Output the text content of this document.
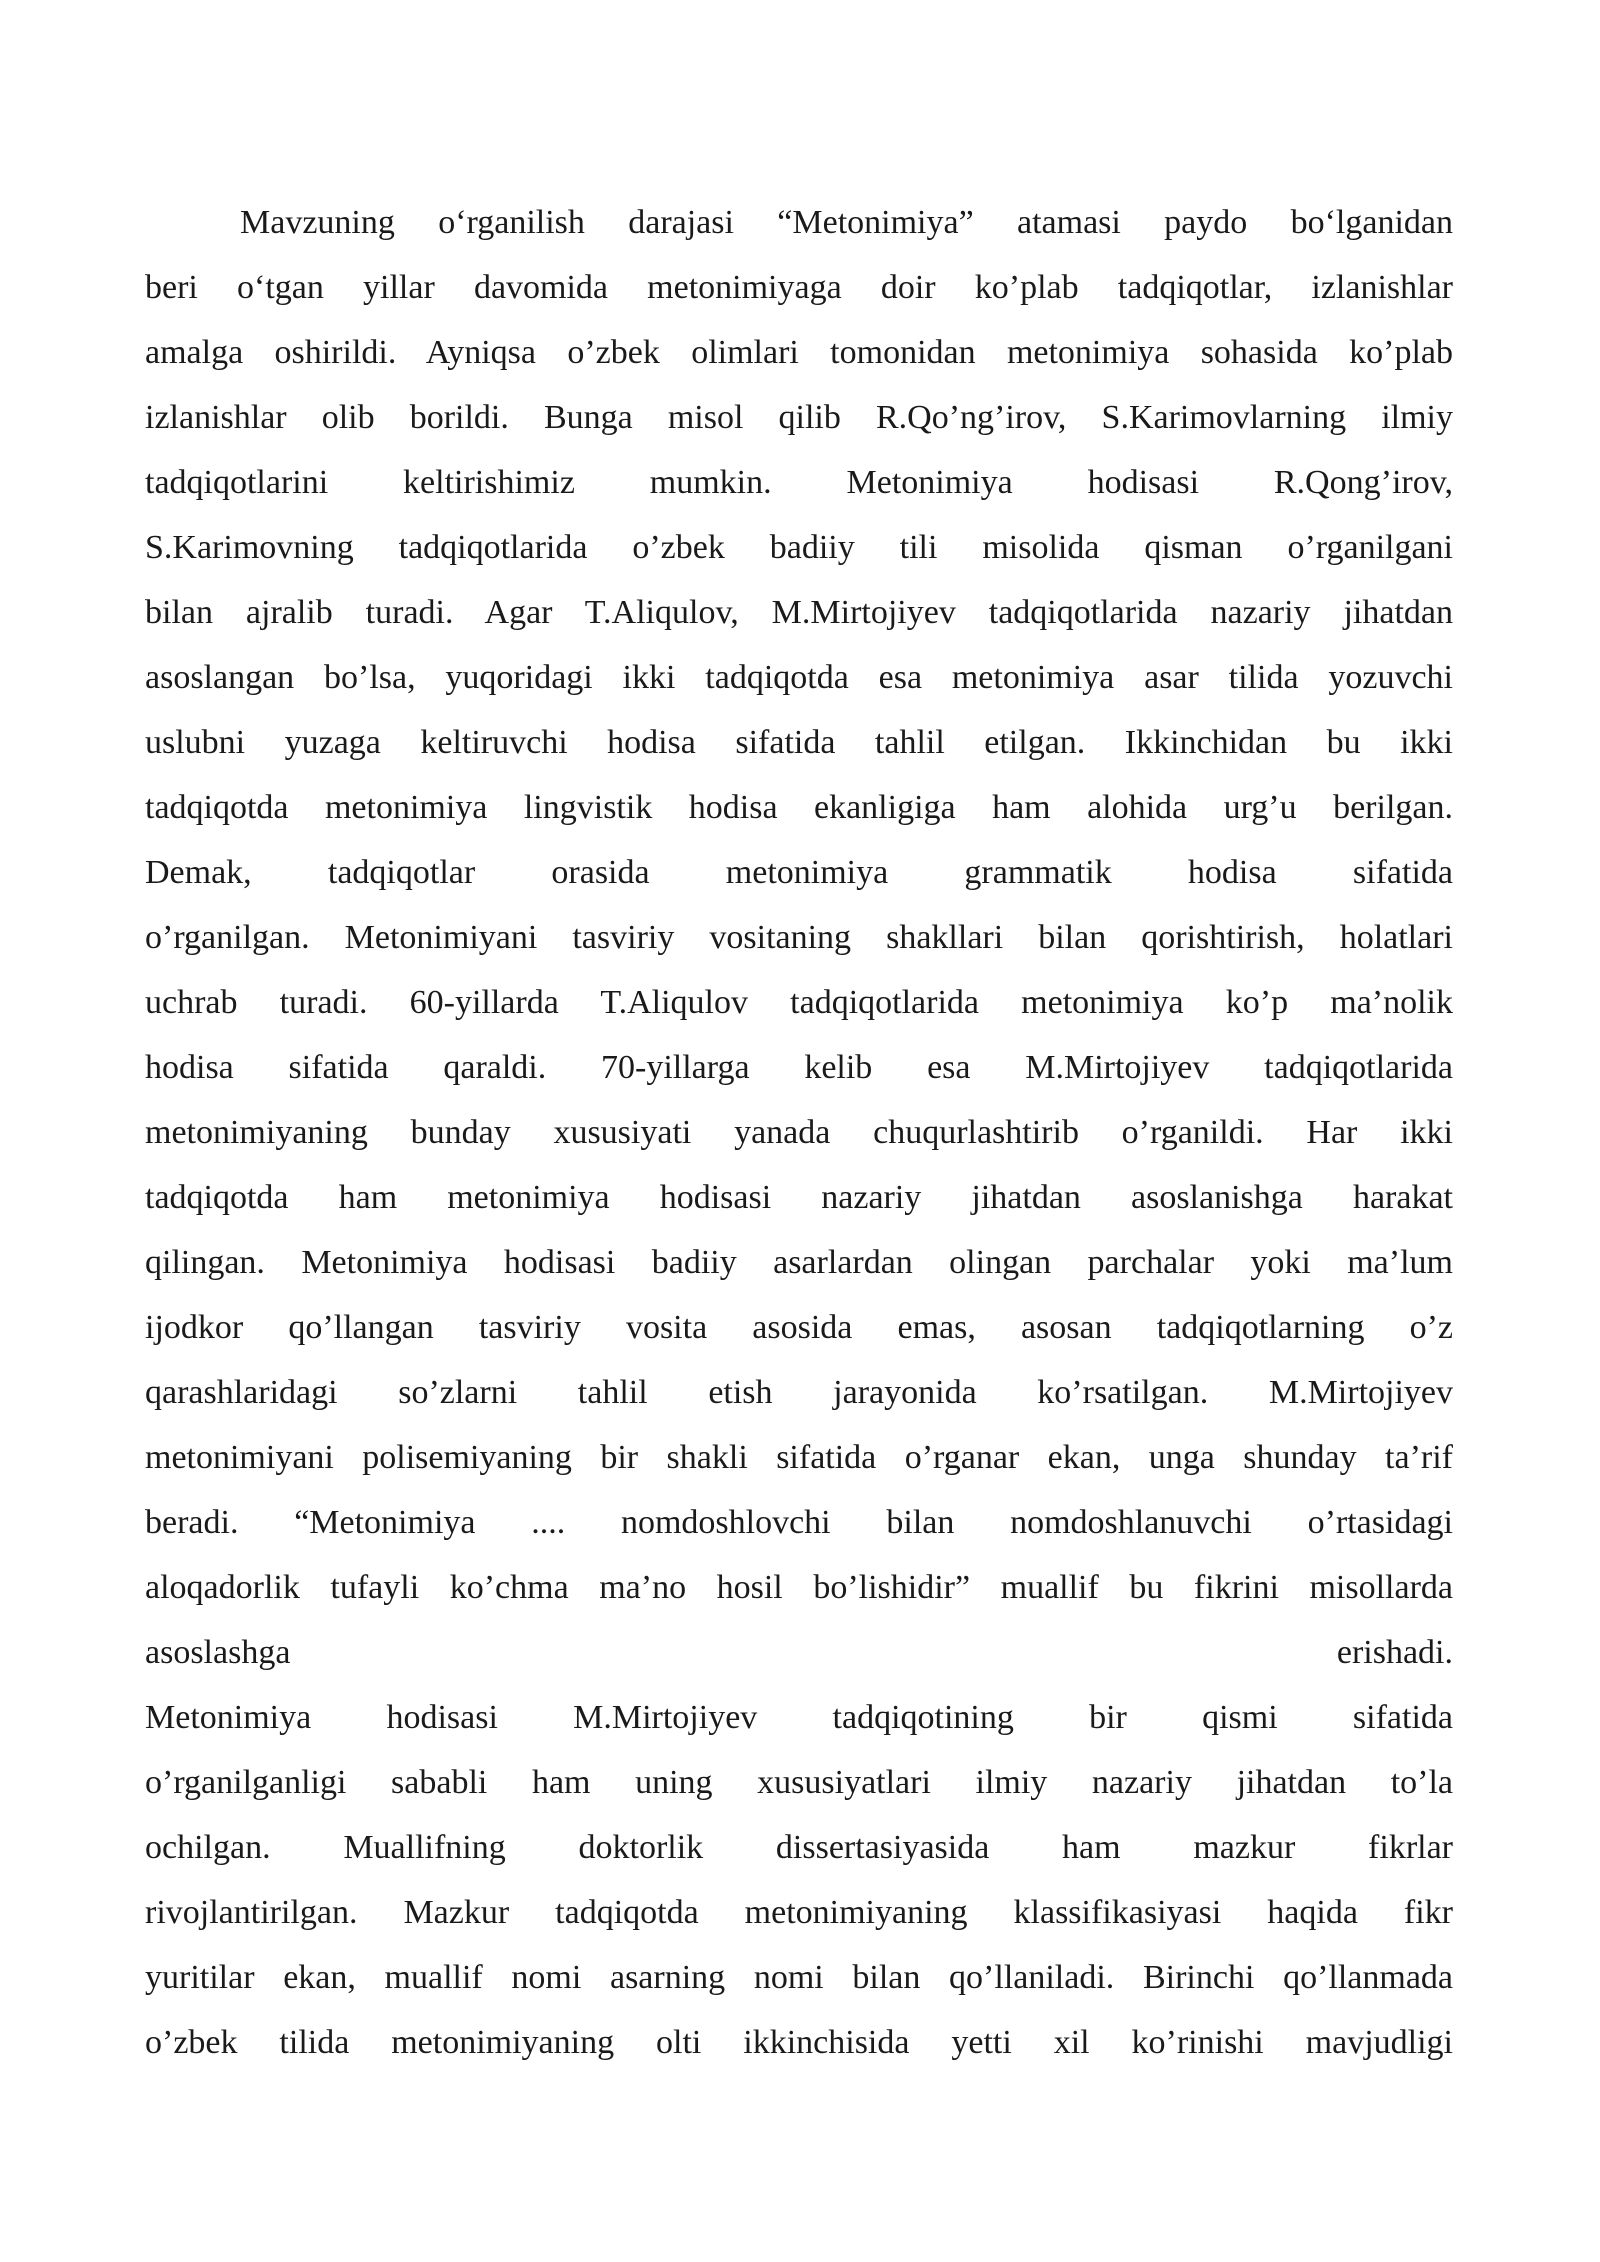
Mavzuning o‘rganilish darajasi “Metonimiya” atamasi paydo bo‘lganidan
beri o‘tgan yillar davomida metonimiyaga doir ko’plab tadqiqotlar, izlanishlar
amalga oshirildi. Ayniqsa o’zbek olimlari tomonidan metonimiya sohasida ko’plab
izlanishlar olib borildi. Bunga misol qilib R.Qo’ng’irov, S.Karimovlarning ilmiy
tadqiqotlarini keltirishimiz mumkin. Metonimiya hodisasi R.Qong’irov,
S.Karimovning tadqiqotlarida o’zbek badiiy tili misolida qisman o’rganilgani
bilan ajralib turadi. Agar T.Aliqulov, M.Mirtojiyev tadqiqotlarida nazariy jihatdan
asoslangan bo’lsa, yuqoridagi ikki tadqiqotda esa metonimiya asar tilida yozuvchi
uslubni yuzaga keltiruvchi hodisa sifatida tahlil etilgan. Ikkinchidan bu ikki
tadqiqotda metonimiya lingvistik hodisa ekanligiga ham alohida urg’u berilgan.
Demak, tadqiqotlar orasida metonimiya grammatik hodisa sifatida
o’rganilgan. Metonimiyani tasviriy vositaning shakllari bilan qorishtirish, holatlari
uchrab turadi. 60-yillarda T.Aliqulov tadqiqotlarida metonimiya ko’p ma’nolik
hodisa sifatida qaraldi. 70-yillarga kelib esa M.Mirtojiyev tadqiqotlarida
metonimiyaning bunday xususiyati yanada chuqurlashtirib o’rganildi. Har ikki
tadqiqotda ham metonimiya hodisasi nazariy jihatdan asoslanishga harakat
qilingan. Metonimiya hodisasi badiiy asarlardan olingan parchalar yoki ma’lum
ijodkor qo’llangan tasviriy vosita asosida emas, asosan tadqiqotlarning o’z
qarashlaridagi so’zlarni tahlil etish jarayonida ko’rsatilgan. M.Mirtojiyev
metonimiyani polisemiyaning bir shakli sifatida o’rganar ekan, unga shunday ta’rif
beradi. “Metonimiya .... nomdoshlovchi bilan nomdoshlanuvchi o’rtasidagi
aloqadorlik tufayli ko’chma ma’no hosil bo’lishidir” muallif bu fikrini misollarda
asoslashga erishadi.
Metonimiya hodisasi M.Mirtojiyev tadqiqotining bir qismi sifatida
o’rganilganligi sababli ham uning xususiyatlari ilmiy nazariy jihatdan to’la
ochilgan. Muallifning doktorlik dissertasiyasida ham mazkur fikrlar
rivojlantirilgan. Mazkur tadqiqotda metonimiyaning klassifikasiyasi haqida fikr
yuritilar ekan, muallif nomi asarning nomi bilan qo’llaniladi. Birinchi qo’llanmada
o’zbek tilida metonimiyaning olti ikkinchisida yetti xil ko’rinishi mavjudligi
